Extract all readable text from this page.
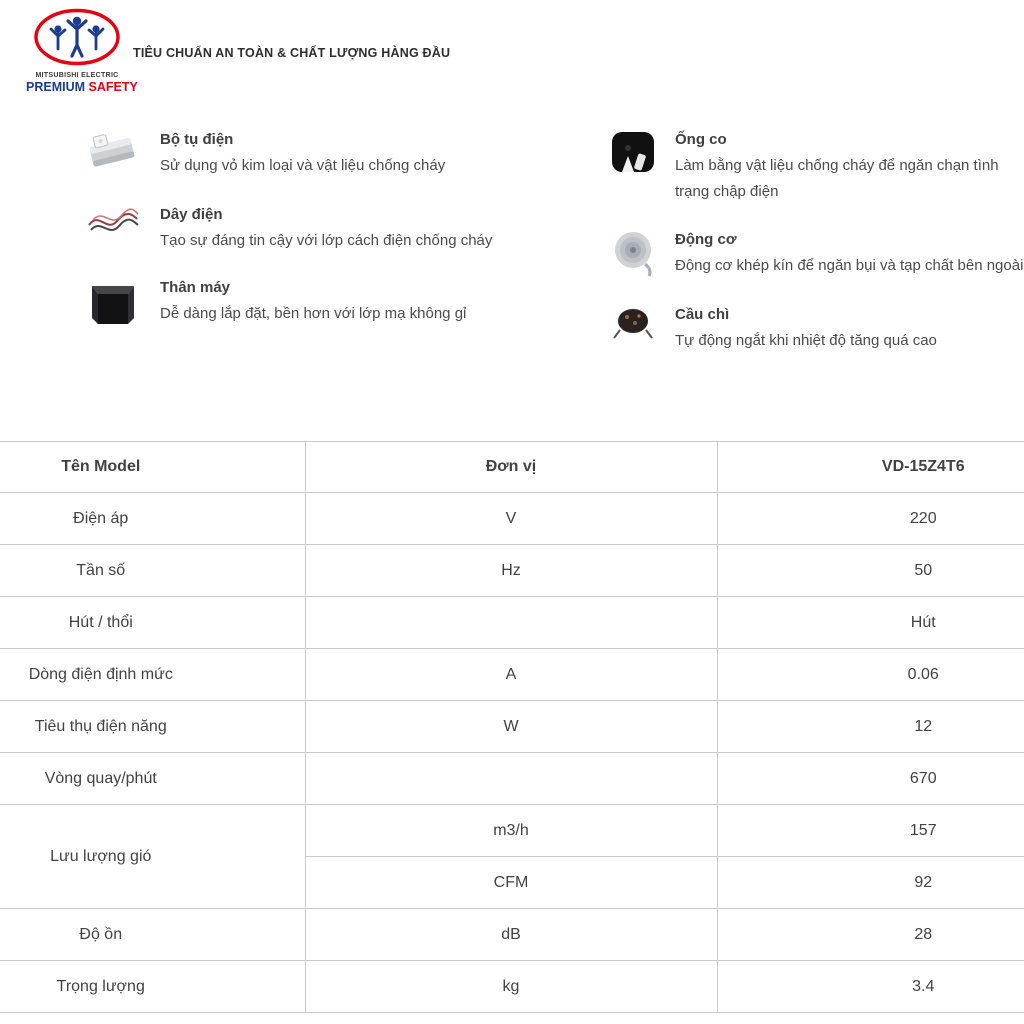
MITSUBISHI ELECTRIC
PREMIUM SAFETY
TIÊU CHUẨN AN TOÀN & CHẤT LƯỢNG HÀNG ĐẦU
Bộ tụ điện
Sử dụng vỏ kim loại và vật liệu chống cháy
Dây điện
Tạo sự đáng tin cậy với lớp cách điện chống cháy
Thân máy
Dễ dàng lắp đặt, bền hơn với lớp mạ không gỉ
Ống co
Làm bằng vật liệu chống cháy để ngăn chạn tình trạng chập điện
Động cơ
Động cơ khép kín để ngăn bụi và tạp chất bên ngoài
Cầu chì
Tự động ngắt khi nhiệt độ tăng quá cao
Tên Model	Đơn vị	VD-15Z4T6
Điện áp	V	220
Tần số	Hz	50
Hút / thổi		Hút
Dòng điện định mức	A	0.06
Tiêu thụ điện năng	W	12
Vòng quay/phút		670
Lưu lượng gió	m3/h	157
	CFM	92
Độ ồn	dB	28
Trọng lượng	kg	3.4
